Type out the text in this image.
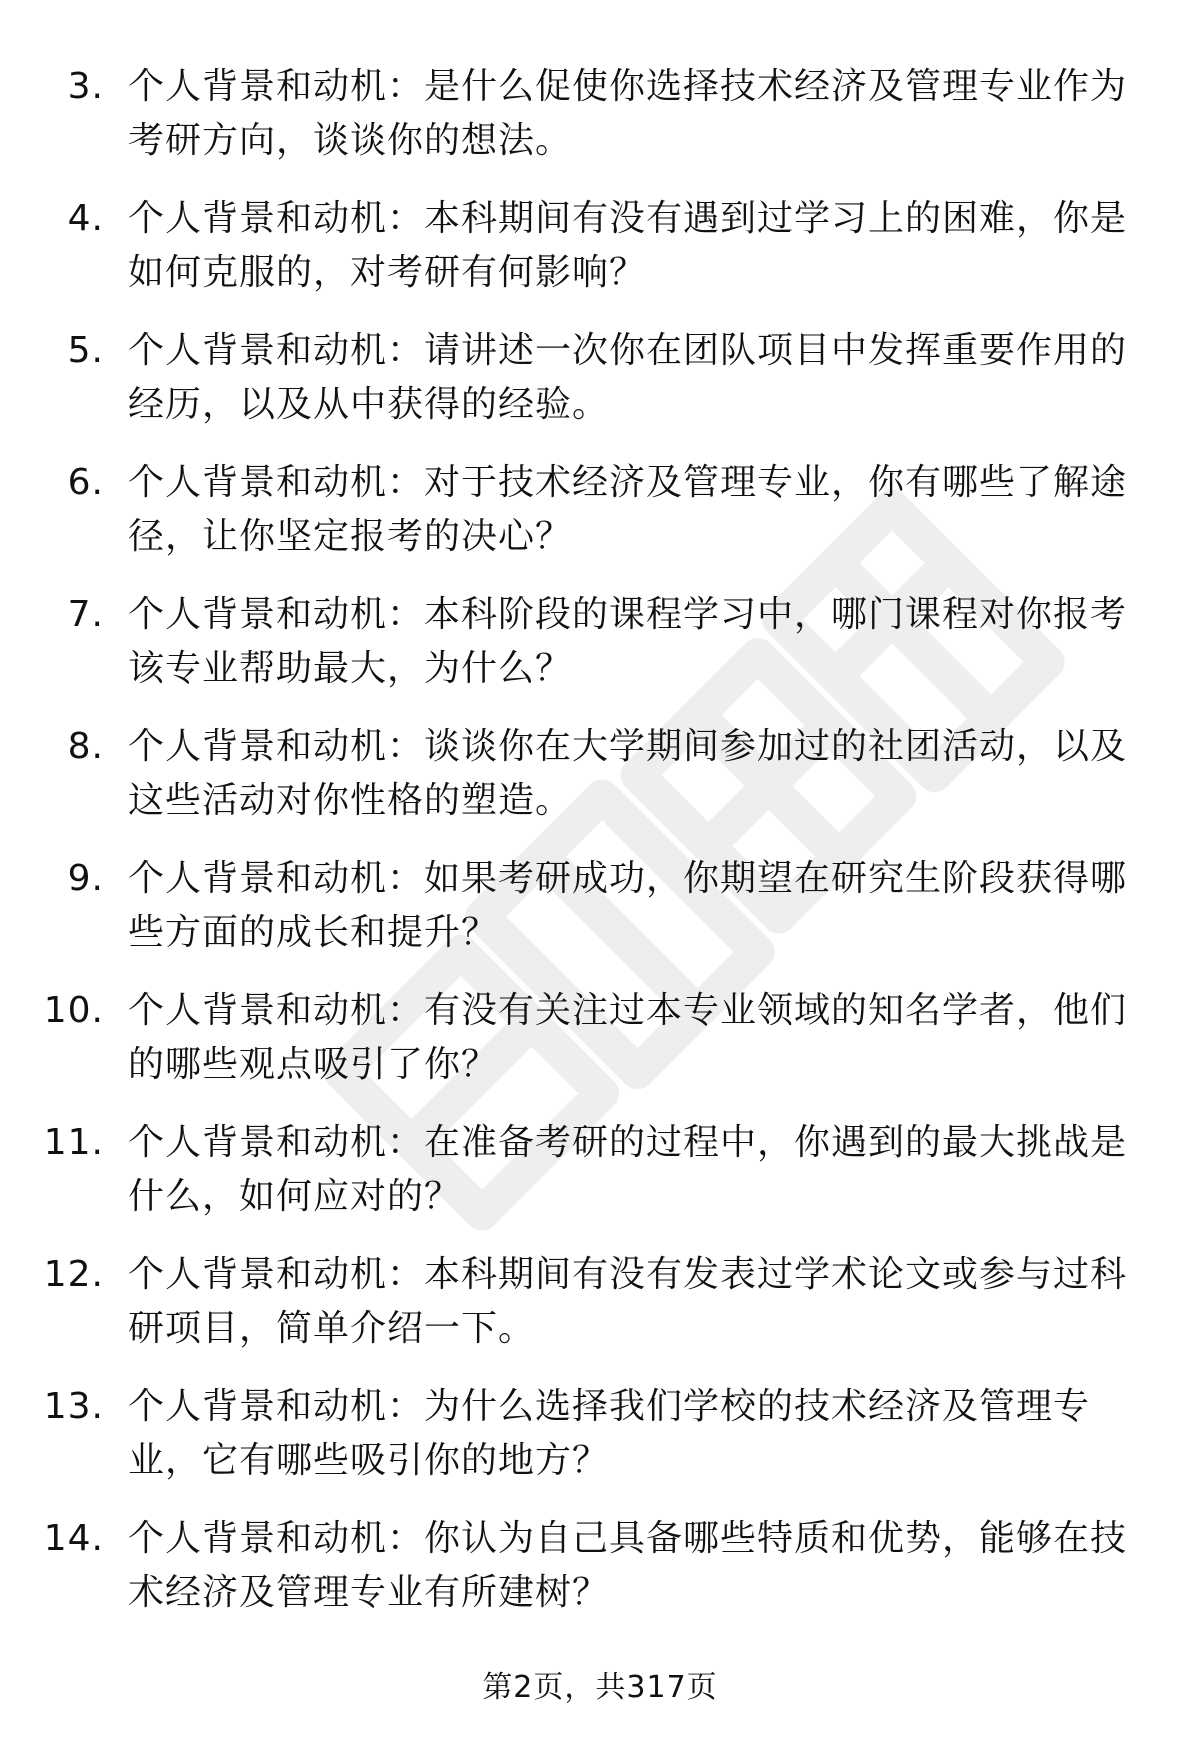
3. 个人背景和动机：是什么促使你选择技术经济及管理专业作为考研方向，谈谈你的想法。
4. 个人背景和动机：本科期间有没有遇到过学习上的困难，你是如何克服的，对考研有何影响？
5. 个人背景和动机：请讲述一次你在团队项目中发挥重要作用的经历，以及从中获得的经验。
6. 个人背景和动机：对于技术经济及管理专业，你有哪些了解途径，让你坚定报考的决心？
7. 个人背景和动机：本科阶段的课程学习中，哪门课程对你报考该专业帮助最大，为什么？
8. 个人背景和动机：谈谈你在大学期间参加过的社团活动，以及这些活动对你性格的塑造。
9. 个人背景和动机：如果考研成功，你期望在研究生阶段获得哪些方面的成长和提升？
10. 个人背景和动机：有没有关注过本专业领域的知名学者，他们的哪些观点吸引了你？
11. 个人背景和动机：在准备考研的过程中，你遇到的最大挑战是什么，如何应对的？
12. 个人背景和动机：本科期间有没有发表过学术论文或参与过科研项目，简单介绍一下。
13. 个人背景和动机：为什么选择我们学校的技术经济及管理专业，它有哪些吸引你的地方？
14. 个人背景和动机：你认为自己具备哪些特质和优势，能够在技术经济及管理专业有所建树？
第2页，共317页
